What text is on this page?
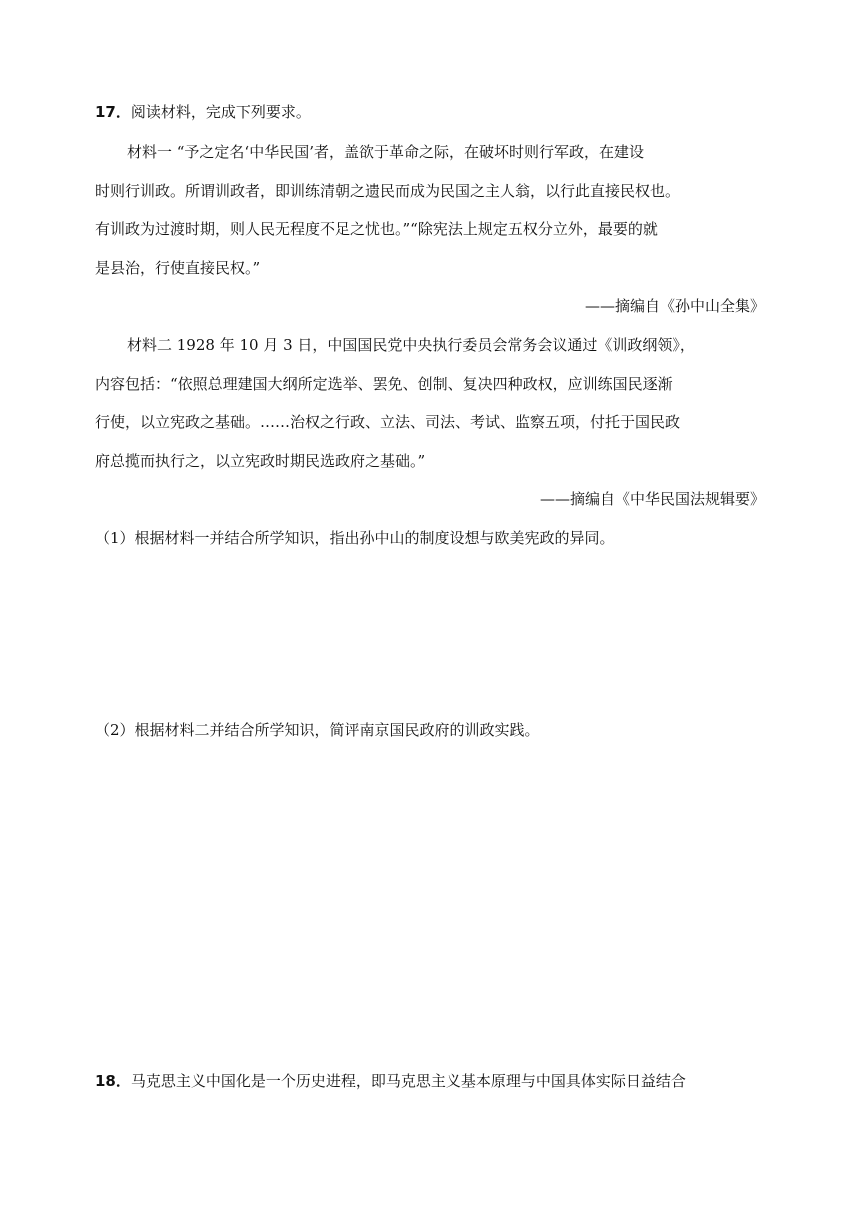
17．阅读材料，完成下列要求。
材料一 “予之定名‘中华民国’者，盖欲于革命之际，在破坏时则行军政，在建设
时则行训政。所谓训政者，即训练清朝之遗民而成为民国之主人翁，以行此直接民权也。
有训政为过渡时期，则人民无程度不足之忧也。”“除宪法上规定五权分立外，最要的就
是县治，行使直接民权。”
——摘编自《孙中山全集》
材料二 1928 年 10 月 3 日，中国国民党中央执行委员会常务会议通过《训政纲领》，
内容包括：“依照总理建国大纲所定选举、罢免、创制、复决四种政权，应训练国民逐渐
行使，以立宪政之基础。……治权之行政、立法、司法、考试、监察五项，付托于国民政
府总揽而执行之，以立宪政时期民选政府之基础。”
——摘编自《中华民国法规辑要》
（1）根据材料一并结合所学知识，指出孙中山的制度设想与欧美宪政的异同。
（2）根据材料二并结合所学知识，简评南京国民政府的训政实践。
18．马克思主义中国化是一个历史进程，即马克思主义基本原理与中国具体实际日益结合
